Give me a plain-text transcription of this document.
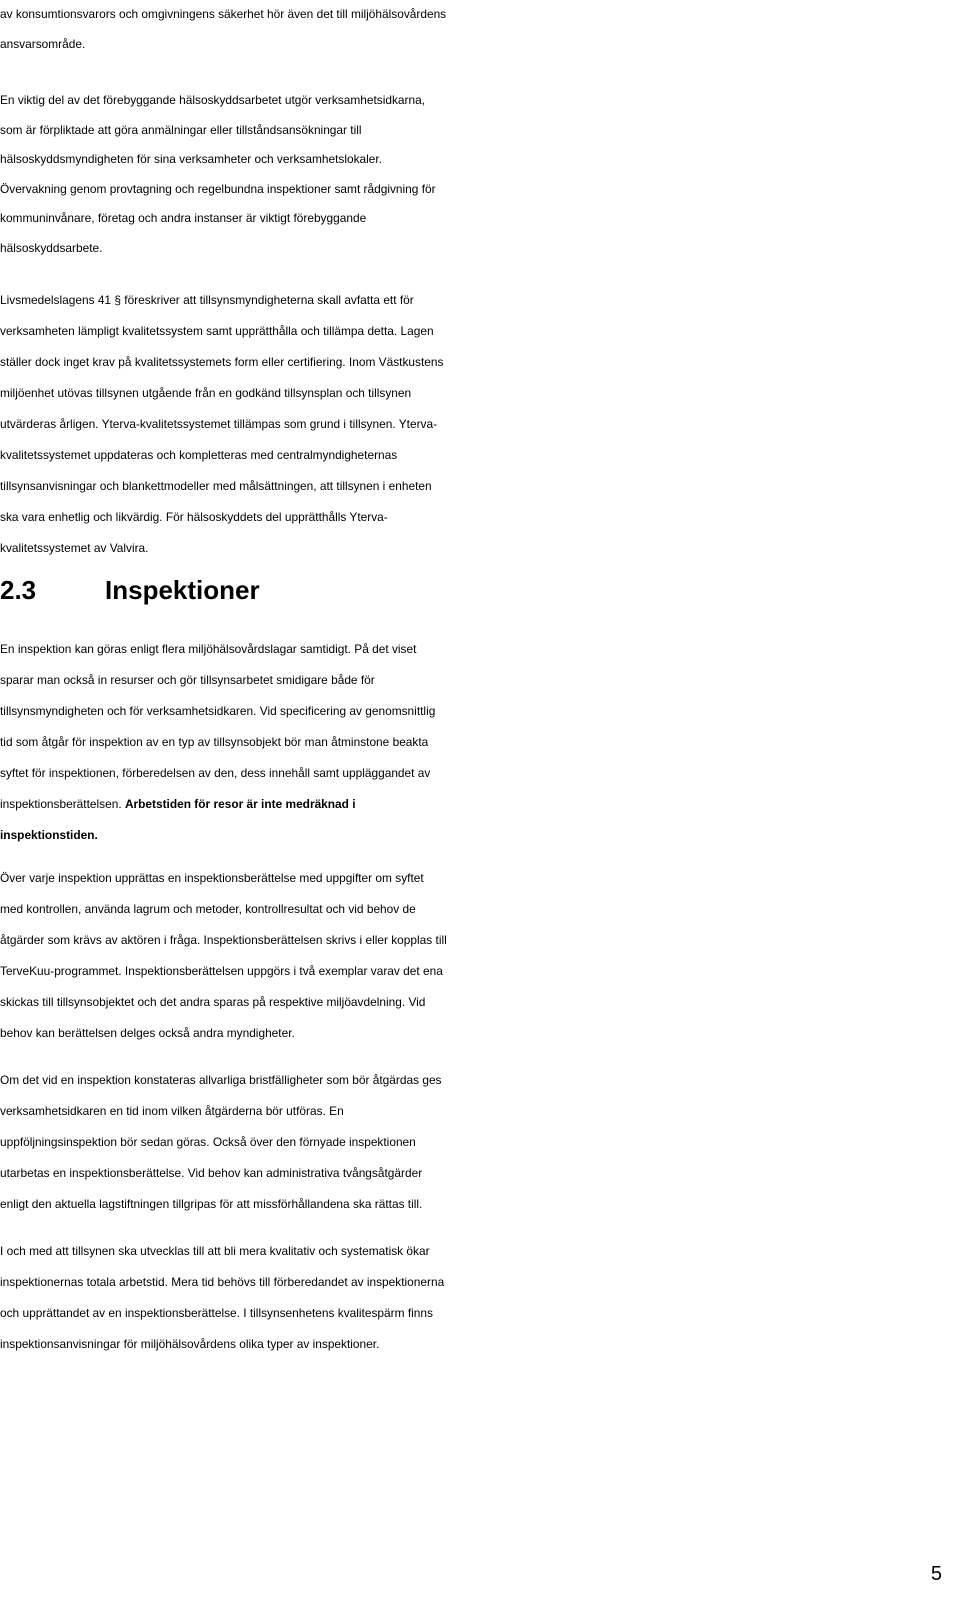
av konsumtionsvarors och omgivningens säkerhet hör även det till miljöhälsovårdens
ansvarsområde.
En viktig del av det förebyggande hälsoskyddsarbetet utgör verksamhetsidkarna,
som är förpliktade att göra anmälningar eller tillståndsansökningar till
hälsoskyddsmyndigheten för sina verksamheter och verksamhetslokaler.
Övervakning genom provtagning och regelbundna inspektioner samt rådgivning för
kommuninvånare, företag och andra instanser är viktigt förebyggande
hälsoskyddsarbete.
Livsmedelslagens 41 § föreskriver att tillsynsmyndigheterna skall avfatta ett för
verksamheten lämpligt kvalitetssystem samt upprätthålla och tillämpa detta. Lagen
ställer dock inget krav på kvalitetssystemets form eller certifiering. Inom Västkustens
miljöenhet utövas tillsynen utgående från en godkänd tillsynsplan och tillsynen
utvärderas årligen. Yterva-kvalitetssystemet tillämpas som grund i tillsynen. Yterva-
kvalitetssystemet uppdateras och kompletteras med centralmyndigheternas
tillsynsanvisningar och blankettmodeller med målsättningen, att tillsynen i enheten
ska vara enhetlig och likvärdig. För hälsoskyddets del upprätthålls Yterva-
kvalitetssystemet av Valvira.
2.3	Inspektioner
En inspektion kan göras enligt flera miljöhälsovårdslagar samtidigt. På det viset
sparar man också in resurser och gör tillsynsarbetet smidigare både för
tillsynsmyndigheten och för verksamhetsidkaren. Vid specificering av genomsnittlig
tid som åtgår för inspektion av en typ av tillsynsobjekt bör man åtminstone beakta
syftet för inspektionen, förberedelsen av den, dess innehåll samt uppläggandet av
inspektionsberättelsen. Arbetstiden för resor är inte medräknad i
inspektionstiden.
Över varje inspektion upprättas en inspektionsberättelse med uppgifter om syftet
med kontrollen, använda lagrum och metoder, kontrollresultat och vid behov de
åtgärder som krävs av aktören i fråga. Inspektionsberättelsen skrivs i eller kopplas till
TerveKuu-programmet. Inspektionsberättelsen uppgörs i två exemplar varav det ena
skickas till tillsynsobjektet och det andra sparas på respektive miljöavdelning. Vid
behov kan berättelsen delges också andra myndigheter.
Om det vid en inspektion konstateras allvarliga bristfälligheter som bör åtgärdas ges
verksamhetsidkaren en tid inom vilken åtgärderna bör utföras. En
uppföljningsinspektion bör sedan göras. Också över den förnyade inspektionen
utarbetas en inspektionsberättelse. Vid behov kan administrativa tvångsåtgärder
enligt den aktuella lagstiftningen tillgripas för att missförhållandena ska rättas till.
I och med att tillsynen ska utvecklas till att bli mera kvalitativ och systematisk ökar
inspektionernas totala arbetstid. Mera tid behövs till förberedandet av inspektionerna
och upprättandet av en inspektionsberättelse. I tillsynsenhetens kvalitespärm finns
inspektionsanvisningar för miljöhälsovårdens olika typer av inspektioner.
5
